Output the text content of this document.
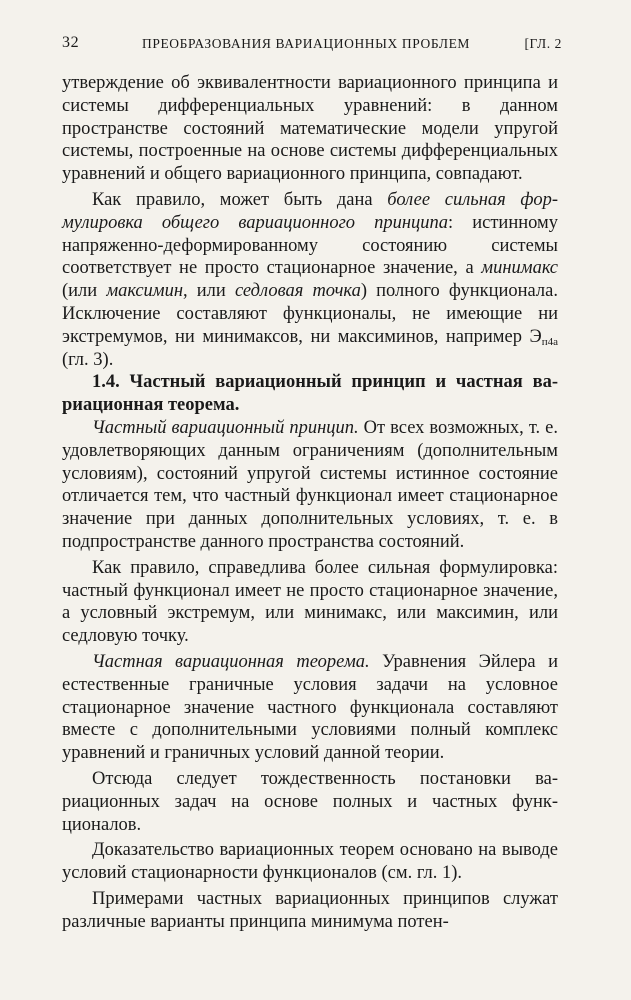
32	ПРЕОБРАЗОВАНИЯ ВАРИАЦИОННЫХ ПРОБЛЕМ	[ГЛ. 2

утверждение об эквивалентности вариационного принципа и системы дифференциальных уравнений: в данном пространстве состояний математические модели упругой системы, построенные на основе системы дифференциальных уравнений и общего вариационного принципа, совпадают.

Как правило, может быть дана более сильная формулировка общего вариационного принципа: истинному напряженно-деформированному состоянию системы соответствует не просто стационарное значение, а минимакс (или максимин, или седловая точка) полного функционала. Исключение составляют функционалы, не имеющие ни экстремумов, ни минимаксов, ни максиминов, например $Э_{п4а}$ (гл. 3).

1.4. Частный вариационный принцип и частная вариационная теорема.

Частный вариационный принцип. От всех возможных, т. е. удовлетворяющих данным ограничениям (дополнительным условиям), состояний упругой системы истинное состояние отличается тем, что частный функционал имеет стационарное значение при данных дополнительных условиях, т. е. в подпространстве данного пространства состояний.

Как правило, справедлива более сильная формулировка: частный функционал имеет не просто стационарное значение, а условный экстремум, или минимакс, или максимин, или седловую точку.

Частная вариационная теорема. Уравнения Эйлера и естественные граничные условия задачи на условное стационарное значение частного функционала составляют вместе с дополнительными условиями полный комплекс уравнений и граничных условий данной теории.

Отсюда следует тождественность постановки вариационных задач на основе полных и частных функционалов.

Доказательство вариационных теорем основано на выводе условий стационарности функционалов (см. гл. 1).

Примерами частных вариационных принципов служат различные варианты принципа минимума потен-
